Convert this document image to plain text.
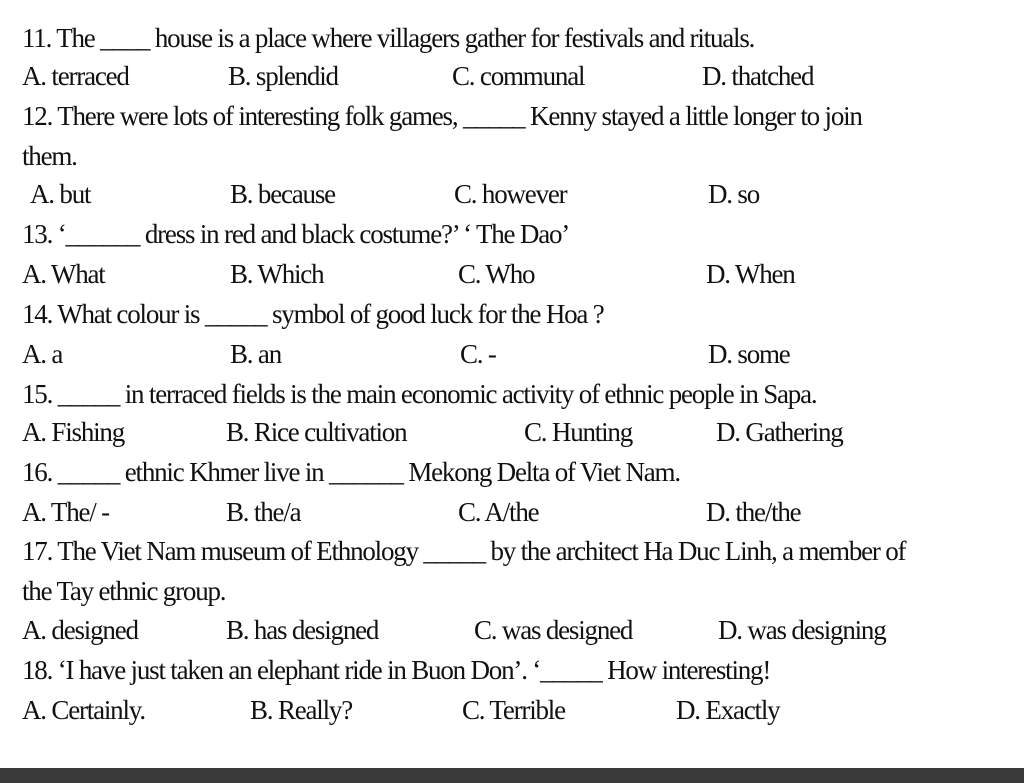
11. The ____ house is a place where villagers gather for festivals and rituals.
A. terraced	B. splendid	C. communal	D. thatched
12. There were lots of interesting folk games, _____ Kenny stayed a little longer to join
them.
A. but	B. because	C. however	D. so
13. ‘______ dress in red and black costume?’ ‘ The Dao’
A. What	B. Which	C. Who	D. When
14. What colour is _____ symbol of good luck for the Hoa ?
A. a	B. an	C. -	D. some
15. _____ in terraced fields is the main economic activity of ethnic people in Sapa.
A. Fishing	B. Rice cultivation	C. Hunting	D. Gathering
16. _____ ethnic Khmer live in ______ Mekong Delta of Viet Nam.
A. The/ -	B. the/a	C. A/the	D. the/the
17. The Viet Nam museum of Ethnology _____ by the architect Ha Duc Linh, a member of
the Tay ethnic group.
A. designed	B. has designed	C. was designed	D. was designing
18. ‘I have just taken an elephant ride in Buon Don’. ‘_____ How interesting!
A. Certainly.	B. Really?	C. Terrible	D. Exactly
